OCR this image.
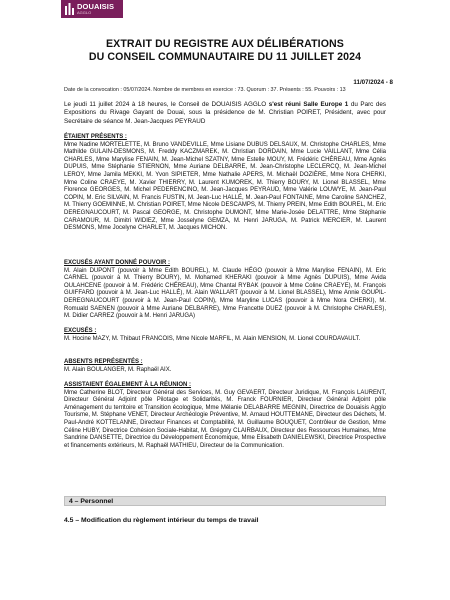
DOUAISIS
AGGLO
EXTRAIT DU REGISTRE AUX DÉLIBÉRATIONS
DU CONSEIL COMMUNAUTAIRE DU 11 JUILLET 2024
11/07/2024 - 8
Date de la convocation : 05/07/2024. Nombre de membres en exercice : 73. Quorum : 37. Présents : 55. Pouvoirs : 13
Le jeudi 11 juillet 2024 à 18 heures, le Conseil de DOUAISIS AGGLO s'est réuni Salle Europe 1 du Parc des Expositions du Rivage Gayant de Douai, sous la présidence de M. Christian POIRET, Président, avec pour Secrétaire de séance M. Jean-Jacques PEYRAUD
ÉTAIENT PRÉSENTS :
Mme Nadine MORTELETTE, M. Bruno VANDEVILLE, Mme Lisiane DUBUS DELSAUX, M. Christophe CHARLES, Mme Mathilde GULAIN-DESMONS, M. Freddy KACZMAREK, M. Christian DORDAIN, Mme Lucie VAILLANT, Mme Célia CHARLES, Mme Marylise FENAIN, M. Jean-Michel SZATNY, Mme Estelle MOUY, M. Frédéric CHÉREAU, Mme Agnès DUPUIS, Mme Stéphanie STIERNON, Mme Auriane DELBARRE, M. Jean-Christophe LECLERCQ, M. Jean-Michel LEROY, Mme Jamila MEKKI, M. Yvon SIPIETER, Mme Nathalie APERS, M. Michaël DOZIÈRE, Mme Nora CHERKI, Mme Coline CRAEYE, M. Xavier THIERRY, M. Laurent KUMOREK, M. Thierry BOURY, M. Lionel BLASSEL, Mme Florence GEORGES, M. Michel PEDERENCINO, M. Jean-Jacques PEYRAUD, Mme Valérie LOUWYE, M. Jean-Paul COPIN, M. Eric SILVAIN, M. Francis FUSTIN, M. Jean-Luc HALLÉ, M. Jean-Paul FONTAINE, Mme Caroline SANCHEZ, M. Thierry GOEMINNE, M. Christian POIRET, Mme Nicole DESCAMPS, M. Thierry PREIN, Mme Edith BOUREL, M. Eric DEREGNAUCOURT, M. Pascal GEORGE, M. Christophe DUMONT, Mme Marie-Josée DELATTRE, Mme Stéphanie CARAMOUR, M. Dimitri WIDIEZ, Mme Josselyne GEMZA, M. Henri JARUGA, M. Patrick MERCIER, M. Laurent DESMONS, Mme Jocelyne CHARLET, M. Jacques MICHON.
EXCUSÉS AYANT DONNÉ POUVOIR :
M. Alain DUPONT (pouvoir à Mme Edith BOUREL), M. Claude HÉGO (pouvoir à Mme Marylise FENAIN), M. Eric CARNEL (pouvoir à M. Thierry BOURY), M. Mohamed KHERAKI (pouvoir à Mme Agnès DUPUIS), Mme Avida OULAHCENE (pouvoir à M. Frédéric CHÉREAU), Mme Chantal RYBAK (pouvoir à Mme Coline CRAEYE), M. François GUIFFARD (pouvoir à M. Jean-Luc HALLÉ), M. Alain WALLART (pouvoir à M. Lionel BLASSEL), Mme Annie GOUPIL-DEREGNAUCOURT (pouvoir à M. Jean-Paul COPIN), Mme Maryline LUCAS (pouvoir à Mme Nora CHERKI), M. Romuald SAENEN (pouvoir à Mme Auriane DELBARRE), Mme Francette DUEZ (pouvoir à M. Christophe CHARLES), M. Didier CARREZ (pouvoir à M. Henri JARUGA)
EXCUSÉS :
M. Hocine MAZY, M. Thibaut FRANCOIS, Mme Nicole MARFIL, M. Alain MENSION, M. Lionel COURDAVAULT.
ABSENTS REPRÉSENTÉS :
M. Alain BOULANGER, M. Raphaël AIX.
ASSISTAIENT ÉGALEMENT À LA RÉUNION :
Mme Catherine BLOT, Directeur Général des Services, M. Guy GEVAERT, Directeur Juridique, M. François LAURENT, Directeur Général Adjoint pôle Pilotage et Solidarités, M. Franck FOURNIER, Directeur Général Adjoint pôle Aménagement du territoire et Transition écologique, Mme Mélanie DELABARRE MEGNIN, Directrice de Douaisis Agglo Tourisme, M. Stéphane VENET, Directeur Archéologie Préventive, M. Arnaud HOUTTEMANE, Directeur des Déchets, M. Paul-André KOTTELANNE, Directeur Finances et Comptabilité, M. Guillaume BOUQUET, Contrôleur de Gestion, Mme Céline HUBY, Directrice Cohésion Sociale-Habitat, M. Grégory CLAIRBAUX, Directeur des Ressources Humaines, Mme Sandrine DANSETTE, Directrice du Développement Économique, Mme Elisabeth DANIELEWSKI, Directrice Prospective et financements extérieurs, M. Raphaël MATHIEU, Directeur de la Communication.
4 – Personnel
4.5 – Modification du règlement intérieur du temps de travail
